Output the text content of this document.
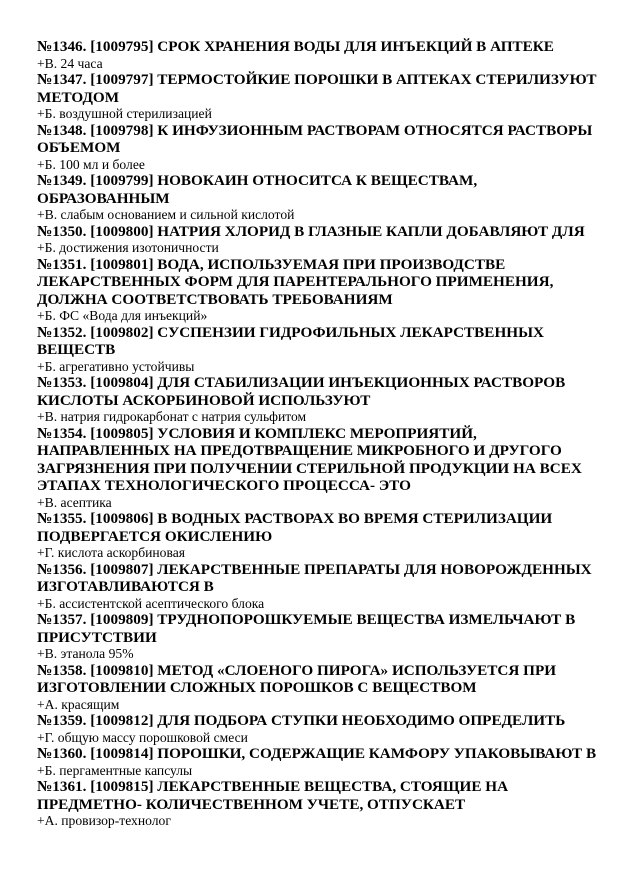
№1346. [1009795] СРОК ХРАНЕНИЯ ВОДЫ ДЛЯ ИНЪЕКЦИЙ В АПТЕКЕ
+В. 24 часа
№1347. [1009797] ТЕРМОСТОЙКИЕ ПОРОШКИ В АПТЕКАХ СТЕРИЛИЗУЮТ МЕТОДОМ
+Б. воздушной стерилизацией
№1348. [1009798] К ИНФУЗИОННЫМ РАСТВОРАМ ОТНОСЯТСЯ РАСТВОРЫ ОБЪЕМОМ
+Б. 100 мл и более
№1349. [1009799] НОВОКАИН ОТНОСИТСА К ВЕЩЕСТВАМ, ОБРАЗОВАННЫМ
+В. слабым основанием и сильной кислотой
№1350. [1009800] НАТРИЯ ХЛОРИД В ГЛАЗНЫЕ КАПЛИ ДОБАВЛЯЮТ ДЛЯ
+Б. достижения изотоничности
№1351. [1009801] ВОДА, ИСПОЛЬЗУЕМАЯ ПРИ ПРОИЗВОДСТВЕ ЛЕКАРСТВЕННЫХ ФОРМ ДЛЯ ПАРЕНТЕРАЛЬНОГО ПРИМЕНЕНИЯ, ДОЛЖНА СООТВЕТСТВОВАТЬ ТРЕБОВАНИЯМ
+Б. ФС «Вода для инъекций»
№1352. [1009802] СУСПЕНЗИИ ГИДРОФИЛЬНЫХ ЛЕКАРСТВЕННЫХ ВЕЩЕСТВ
+Б. агрегативно устойчивы
№1353. [1009804] ДЛЯ СТАБИЛИЗАЦИИ ИНЪЕКЦИОННЫХ РАСТВОРОВ КИСЛОТЫ АСКОРБИНОВОЙ ИСПОЛЬЗУЮТ
+В. натрия гидрокарбонат с натрия сульфитом
№1354. [1009805] УСЛОВИЯ И КОМПЛЕКС МЕРОПРИЯТИЙ, НАПРАВЛЕННЫХ НА ПРЕДОТВРАЩЕНИЕ МИКРОБНОГО И ДРУГОГО ЗАГРЯЗНЕНИЯ ПРИ ПОЛУЧЕНИИ СТЕРИЛЬНОЙ ПРОДУКЦИИ НА ВСЕХ ЭТАПАХ ТЕХНОЛОГИЧЕСКОГО ПРОЦЕССА- ЭТО
+В. асептика
№1355. [1009806] В ВОДНЫХ РАСТВОРАХ ВО ВРЕМЯ СТЕРИЛИЗАЦИИ ПОДВЕРГАЕТСЯ ОКИСЛЕНИЮ
+Г. кислота аскорбиновая
№1356. [1009807] ЛЕКАРСТВЕННЫЕ ПРЕПАРАТЫ ДЛЯ НОВОРОЖДЕННЫХ ИЗГОТАВЛИВАЮТСЯ В
+Б. ассистентской асептического блока
№1357. [1009809] ТРУДНОПОРОШКУЕМЫЕ ВЕЩЕСТВА ИЗМЕЛЬЧАЮТ В ПРИСУТСТВИИ
+В. этанола 95%
№1358. [1009810] МЕТОД «СЛОЕНОГО ПИРОГА» ИСПОЛЬЗУЕТСЯ ПРИ ИЗГОТОВЛЕНИИ СЛОЖНЫХ ПОРОШКОВ С ВЕЩЕСТВОМ
+А. красящим
№1359. [1009812] ДЛЯ ПОДБОРА СТУПКИ НЕОБХОДИМО ОПРЕДЕЛИТЬ
+Г. общую массу порошковой смеси
№1360. [1009814] ПОРОШКИ, СОДЕРЖАЩИЕ КАМФОРУ УПАКОВЫВАЮТ В
+Б. пергаментные капсулы
№1361. [1009815] ЛЕКАРСТВЕННЫЕ ВЕЩЕСТВА, СТОЯЩИЕ НА ПРЕДМЕТНО- КОЛИЧЕСТВЕННОМ УЧЕТЕ, ОТПУСКАЕТ
+А. провизор-технолог
